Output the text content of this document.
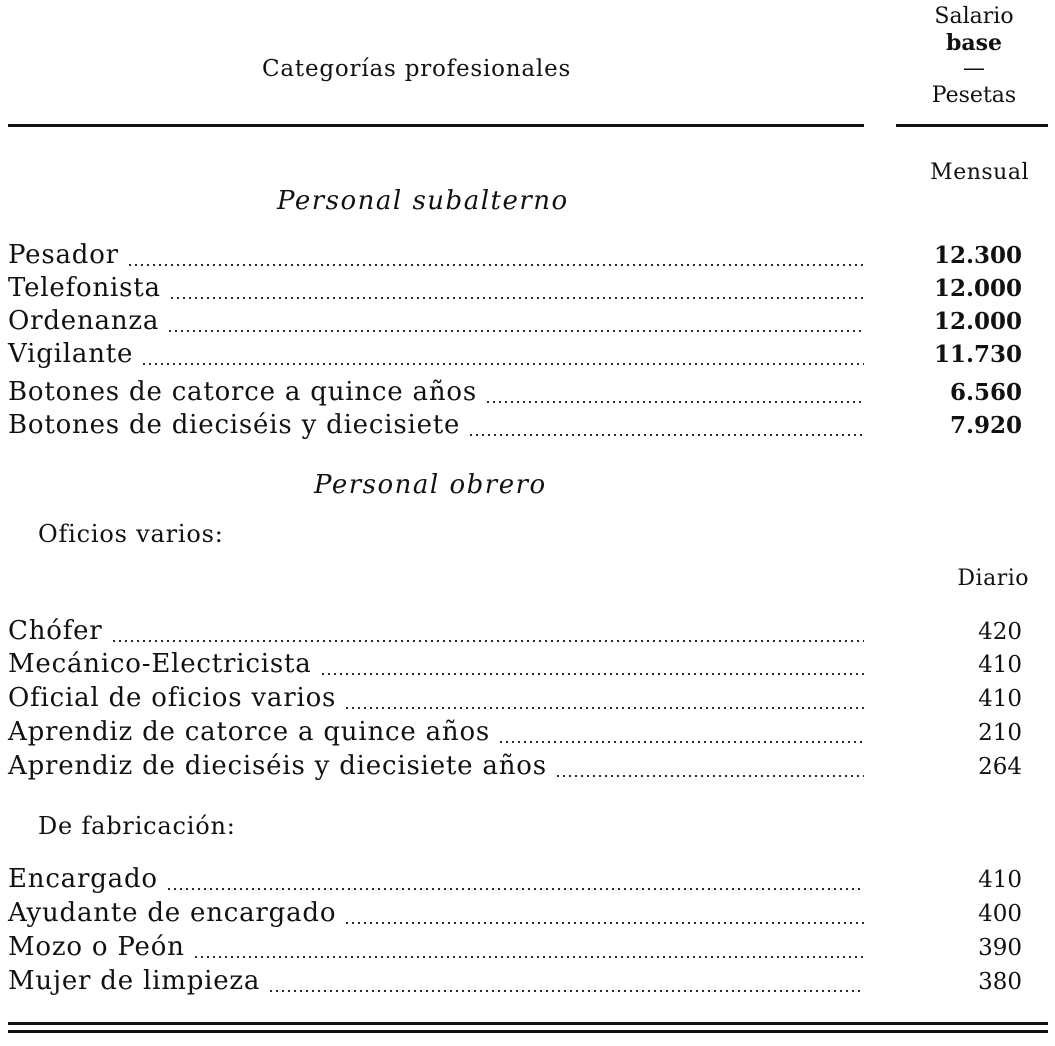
Categorías profesionales
Salario
base
—
Pesetas
Mensual
Personal subalterno
Pesador	12.300
Telefonista	12.000
Ordenanza	12.000
Vigilante	11.730
Botones de catorce a quince años	6.560
Botones de dieciséis y diecisiete	7.920
Personal obrero
Oficios varios:
Diario
Chófer	420
Mecánico-Electricista	410
Oficial de oficios varios	410
Aprendiz de catorce a quince años	210
Aprendiz de dieciséis y diecisiete años	264
De fabricación:
Encargado	410
Ayudante de encargado	400
Mozo o Peón	390
Mujer de limpieza	380
